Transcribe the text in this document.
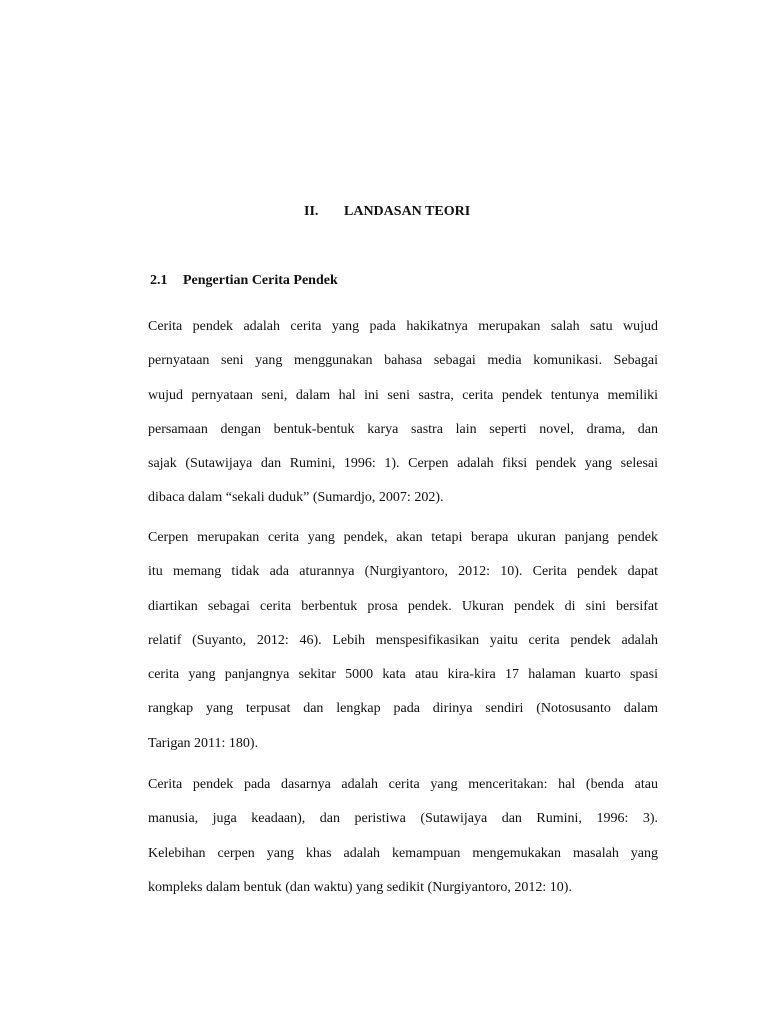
II. LANDASAN TEORI
2.1 Pengertian Cerita Pendek

Cerita pendek adalah cerita yang pada hakikatnya merupakan salah satu wujud
pernyataan seni yang menggunakan bahasa sebagai media komunikasi. Sebagai
wujud pernyataan seni, dalam hal ini seni sastra, cerita pendek tentunya memiliki
persamaan dengan bentuk-bentuk karya sastra lain seperti novel, drama, dan
sajak (Sutawijaya dan Rumini, 1996: 1). Cerpen adalah fiksi pendek yang selesai
dibaca dalam “sekali duduk” (Sumardjo, 2007: 202).

Cerpen merupakan cerita yang pendek, akan tetapi berapa ukuran panjang pendek
itu memang tidak ada aturannya (Nurgiyantoro, 2012: 10). Cerita pendek dapat
diartikan sebagai cerita berbentuk prosa pendek. Ukuran pendek di sini bersifat
relatif (Suyanto, 2012: 46). Lebih menspesifikasikan yaitu cerita pendek adalah
cerita yang panjangnya sekitar 5000 kata atau kira-kira 17 halaman kuarto spasi
rangkap yang terpusat dan lengkap pada dirinya sendiri (Notosusanto dalam
Tarigan 2011: 180).

Cerita pendek pada dasarnya adalah cerita yang menceritakan: hal (benda atau
manusia, juga keadaan), dan peristiwa (Sutawijaya dan Rumini, 1996: 3).
Kelebihan cerpen yang khas adalah kemampuan mengemukakan masalah yang
kompleks dalam bentuk (dan waktu) yang sedikit (Nurgiyantoro, 2012: 10).
